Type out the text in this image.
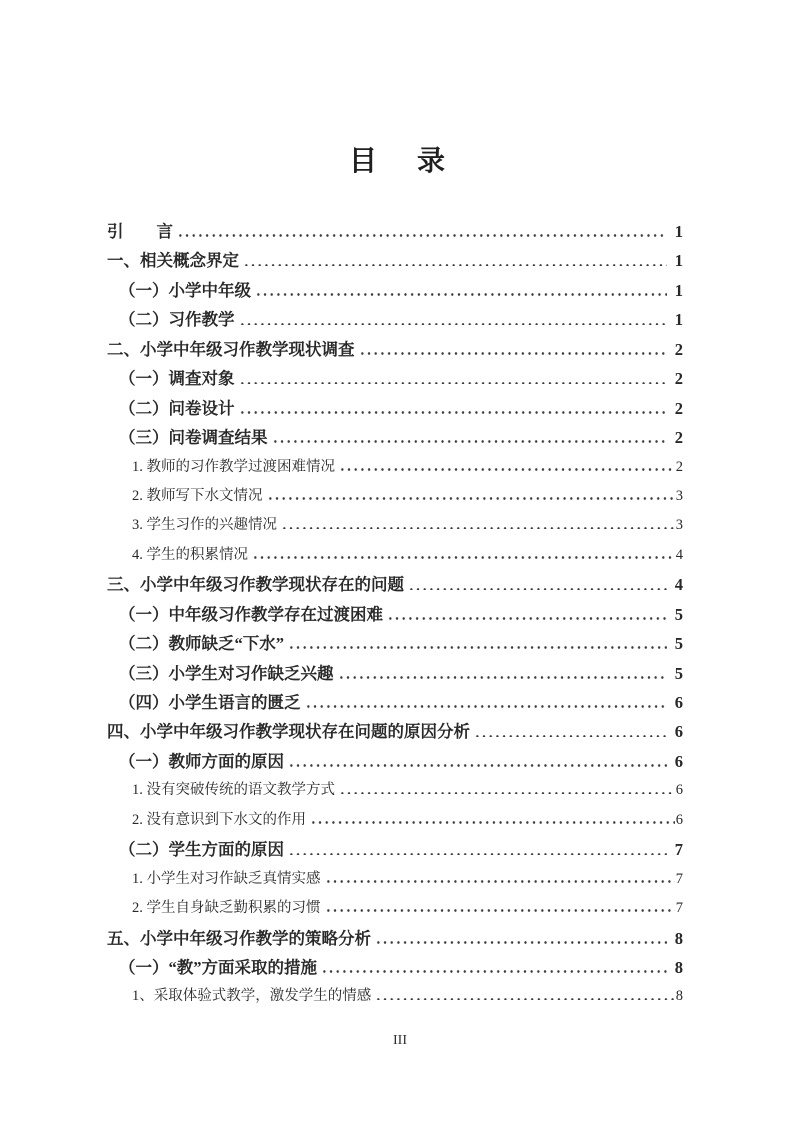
目　录
引　　言	1
一、相关概念界定	1
（一）小学中年级	1
（二）习作教学	1
二、小学中年级习作教学现状调查	2
（一）调查对象	2
（二）问卷设计	2
（三）问卷调查结果	2
1. 教师的习作教学过渡困难情况	2
2. 教师写下水文情况	3
3. 学生习作的兴趣情况	3
4. 学生的积累情况	4
三、小学中年级习作教学现状存在的问题	4
（一）中年级习作教学存在过渡困难	5
（二）教师缺乏“下水”	5
（三）小学生对习作缺乏兴趣	5
（四）小学生语言的匮乏	6
四、小学中年级习作教学现状存在问题的原因分析	6
（一）教师方面的原因	6
1. 没有突破传统的语文教学方式	6
2. 没有意识到下水文的作用	6
（二）学生方面的原因	7
1. 小学生对习作缺乏真情实感	7
2. 学生自身缺乏勤积累的习惯	7
五、小学中年级习作教学的策略分析	8
（一）“教”方面采取的措施	8
1、采取体验式教学，激发学生的情感	8
III
